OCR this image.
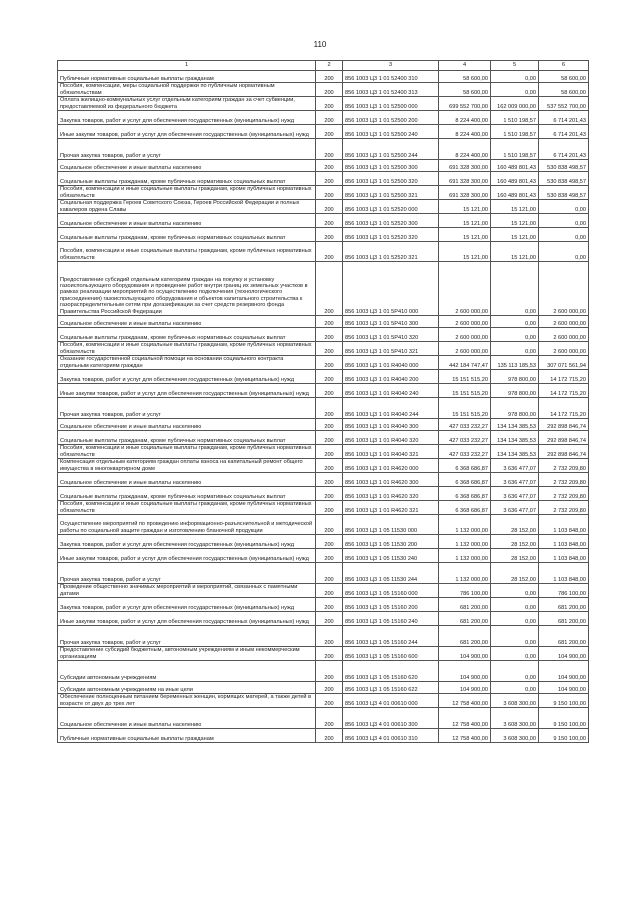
110
1	2	3	4	5	6
Публичные нормативные социальные выплаты гражданам	200	856 1003 Ц3 1 01 52400 310	58 600,00	0,00	58 600,00
Пособия, компенсации, меры социальной поддержки по публичным нормативным обязательствам	200	856 1003 Ц3 1 01 52400 313	58 600,00	0,00	58 600,00
Оплата жилищно-коммунальных услуг отдельным категориям граждан за счет субвенции, предоставляемой из федерального бюджета	200	856 1003 Ц3 1 01 52500 000	699 552 700,00	162 009 000,00	537 552 700,00
Закупка товаров, работ и услуг для обеспечения государственных (муниципальных) нужд	200	856 1003 Ц3 1 01 52500 200	8 224 400,00	1 510 198,57	6 714 201,43
Иные закупки товаров, работ и услуг для обеспечения государственных (муниципальных) нужд	200	856 1003 Ц3 1 01 52500 240	8 224 400,00	1 510 198,57	6 714 201,43
Прочая закупка товаров, работ и услуг	200	856 1003 Ц3 1 01 52500 244	8 224 400,00	1 510 198,57	6 714 201,43
Социальное обеспечение и иные выплаты населению	200	856 1003 Ц3 1 01 52500 300	691 328 300,00	160 489 801,43	530 838 498,57
Социальные выплаты гражданам, кроме публичных нормативных социальных выплат	200	856 1003 Ц3 1 01 52500 320	691 328 300,00	160 489 801,43	530 838 498,57
Пособия, компенсации и иные социальные выплаты гражданам, кроме публичных нормативных обязательств	200	856 1003 Ц3 1 01 52500 321	691 328 300,00	160 489 801,43	530 838 498,57
Социальная поддержка Героев Советского Союза, Героев Российской Федерации и полных кавалеров ордена Славы	200	856 1003 Ц3 1 01 52520 000	15 121,00	15 121,00	0,00
Социальное обеспечение и иные выплаты населению	200	856 1003 Ц3 1 01 52520 300	15 121,00	15 121,00	0,00
Социальные выплаты гражданам, кроме публичных нормативных социальных выплат	200	856 1003 Ц3 1 01 52520 320	15 121,00	15 121,00	0,00
Пособия, компенсации и иные социальные выплаты гражданам, кроме публичных нормативных обязательств	200	856 1003 Ц3 1 01 52520 321	15 121,00	15 121,00	0,00
Предоставление субсидий отдельным категориям граждан на покупку и установку газоиспользующего оборудования и проведение работ внутри границ их земельных участков в рамках реализации мероприятий по осуществлению подключения (технологического присоединения) газоиспользующего оборудования и объектов капитального строительства к газораспределительным сетям при догазификации за счет средств резервного фонда Правительства Российской Федерации	200	856 1003 Ц3 1 01 5Р410 000	2 600 000,00	0,00	2 600 000,00
Социальное обеспечение и иные выплаты населению	200	856 1003 Ц3 1 01 5Р410 300	2 600 000,00	0,00	2 600 000,00
Социальные выплаты гражданам, кроме публичных нормативных социальных выплат	200	856 1003 Ц3 1 01 5Р410 320	2 600 000,00	0,00	2 600 000,00
Пособия, компенсации и иные социальные выплаты гражданам, кроме публичных нормативных обязательств	200	856 1003 Ц3 1 01 5Р410 321	2 600 000,00	0,00	2 600 000,00
Оказание государственной социальной помощи на основании социального контракта отдельным категориям граждан	200	856 1003 Ц3 1 01 R4040 000	442 184 747,47	135 113 185,53	307 071 561,94
Закупка товаров, работ и услуг для обеспечения государственных (муниципальных) нужд	200	856 1003 Ц3 1 01 R4040 200	15 151 515,20	978 800,00	14 172 715,20
Иные закупки товаров, работ и услуг для обеспечения государственных (муниципальных) нужд	200	856 1003 Ц3 1 01 R4040 240	15 151 515,20	978 800,00	14 172 715,20
Прочая закупка товаров, работ и услуг	200	856 1003 Ц3 1 01 R4040 244	15 151 515,20	978 800,00	14 172 715,20
Социальное обеспечение и иные выплаты населению	200	856 1003 Ц3 1 01 R4040 300	427 033 232,27	134 134 385,53	292 898 846,74
Социальные выплаты гражданам, кроме публичных нормативных социальных выплат	200	856 1003 Ц3 1 01 R4040 320	427 033 232,27	134 134 385,53	292 898 846,74
Пособия, компенсации и иные социальные выплаты гражданам, кроме публичных нормативных обязательств	200	856 1003 Ц3 1 01 R4040 321	427 033 232,27	134 134 385,53	292 898 846,74
Компенсация отдельным категориям граждан оплаты взноса на капитальный ремонт общего имущества в многоквартирном доме	200	856 1003 Ц3 1 01 R4620 000	6 368 686,87	3 636 477,07	2 732 209,80
Социальное обеспечение и иные выплаты населению	200	856 1003 Ц3 1 01 R4620 300	6 368 686,87	3 636 477,07	2 732 209,80
Социальные выплаты гражданам, кроме публичных нормативных социальных выплат	200	856 1003 Ц3 1 01 R4620 320	6 368 686,87	3 636 477,07	2 732 209,80
Пособия, компенсации и иные социальные выплаты гражданам, кроме публичных нормативных обязательств	200	856 1003 Ц3 1 01 R4620 321	6 368 686,87	3 636 477,07	2 732 209,80
Осуществление мероприятий по проведению информационно-разъяснительной и методической работы по социальной защите граждан и изготовлению бланочной продукции	200	856 1003 Ц3 1 05 11530 000	1 132 000,00	28 152,00	1 103 848,00
Закупка товаров, работ и услуг для обеспечения государственных (муниципальных) нужд	200	856 1003 Ц3 1 05 11530 200	1 132 000,00	28 152,00	1 103 848,00
Иные закупки товаров, работ и услуг для обеспечения государственных (муниципальных) нужд	200	856 1003 Ц3 1 05 11530 240	1 132 000,00	28 152,00	1 103 848,00
Прочая закупка товаров, работ и услуг	200	856 1003 Ц3 1 05 11530 244	1 132 000,00	28 152,00	1 103 848,00
Проведение общественно значимых мероприятий и мероприятий, связанных с памятными датами	200	856 1003 Ц3 1 05 15160 000	786 100,00	0,00	786 100,00
Закупка товаров, работ и услуг для обеспечения государственных (муниципальных) нужд	200	856 1003 Ц3 1 05 15160 200	681 200,00	0,00	681 200,00
Иные закупки товаров, работ и услуг для обеспечения государственных (муниципальных) нужд	200	856 1003 Ц3 1 05 15160 240	681 200,00	0,00	681 200,00
Прочая закупка товаров, работ и услуг	200	856 1003 Ц3 1 05 15160 244	681 200,00	0,00	681 200,00
Предоставление субсидий бюджетным, автономным учреждениям и иным некоммерческим организациям	200	856 1003 Ц3 1 05 15160 600	104 900,00	0,00	104 900,00
Субсидии автономным учреждениям	200	856 1003 Ц3 1 05 15160 620	104 900,00	0,00	104 900,00
Субсидии автономным учреждениям на иные цели	200	856 1003 Ц3 1 05 15160 622	104 900,00	0,00	104 900,00
Обеспечение полноценным питанием беременных женщин, кормящих матерей, а также детей в возрасте от двух до трех лет	200	856 1003 Ц3 4 01 00610 000	12 758 400,00	3 608 300,00	9 150 100,00
Социальное обеспечение и иные выплаты населению	200	856 1003 Ц3 4 01 00610 300	12 758 400,00	3 608 300,00	9 150 100,00
Публичные нормативные социальные выплаты гражданам	200	856 1003 Ц3 4 01 00610 310	12 758 400,00	3 608 300,00	9 150 100,00
